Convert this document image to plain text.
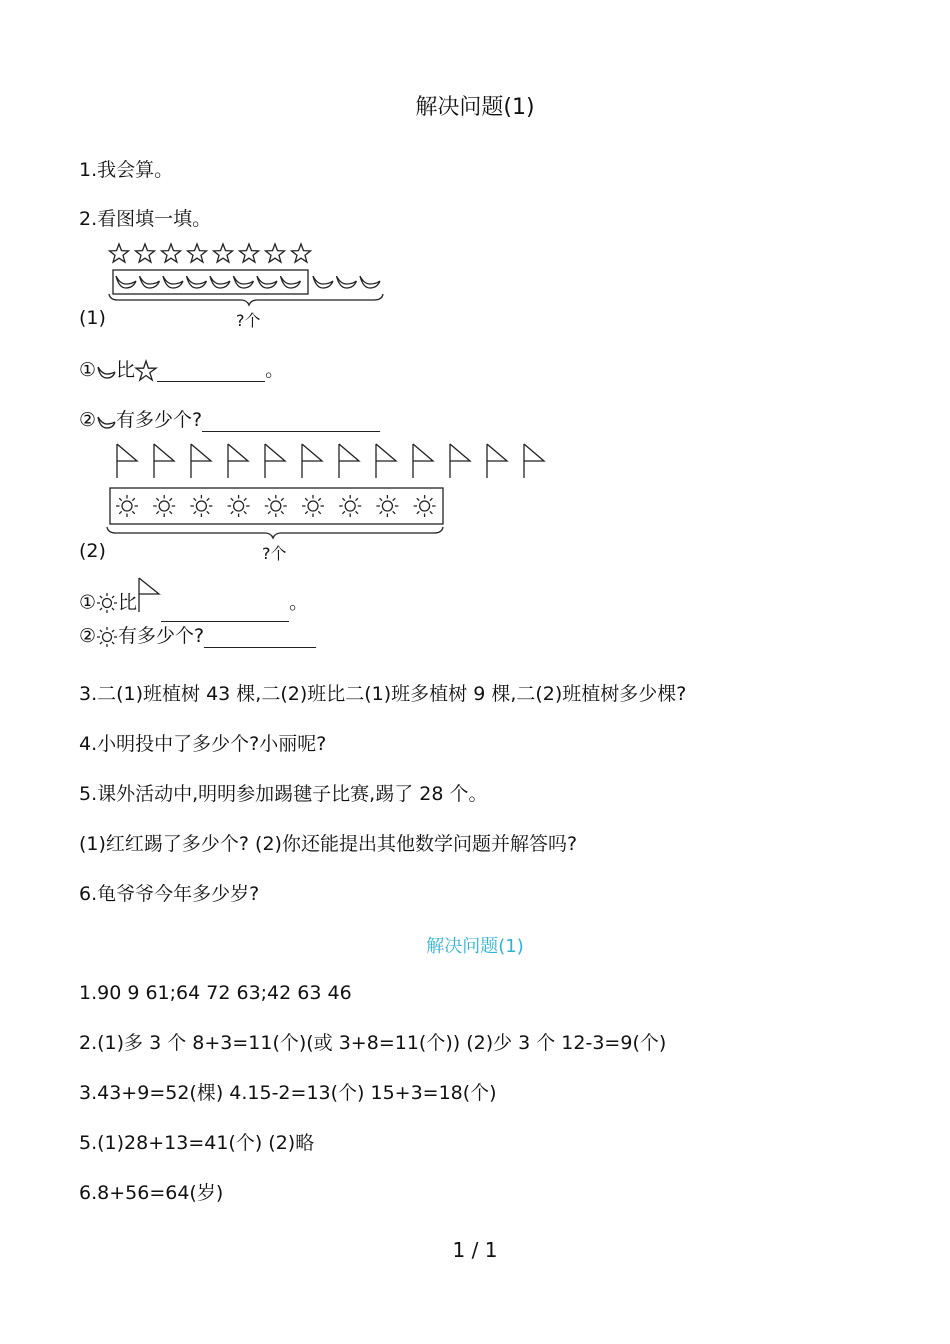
解决问题(1)
1.我会算。
2.看图填一填。
(1)	?个
① 比	。
② 有多少个?
(2)	?个
① 比	。
② 有多少个?
3.二(1)班植树 43 棵,二(2)班比二(1)班多植树 9 棵,二(2)班植树多少棵?
4.小明投中了多少个?小丽呢?
5.课外活动中,明明参加踢毽子比赛,踢了 28 个。
(1)红红踢了多少个? (2)你还能提出其他数学问题并解答吗?
6.龟爷爷今年多少岁?
解决问题(1)
1.90 9 61;64 72 63;42 63 46
2.(1)多 3 个 8+3=11(个)(或 3+8=11(个)) (2)少 3 个 12-3=9(个)
3.43+9=52(棵) 4.15-2=13(个) 15+3=18(个)
5.(1)28+13=41(个) (2)略
6.8+56=64(岁)
1 / 1
